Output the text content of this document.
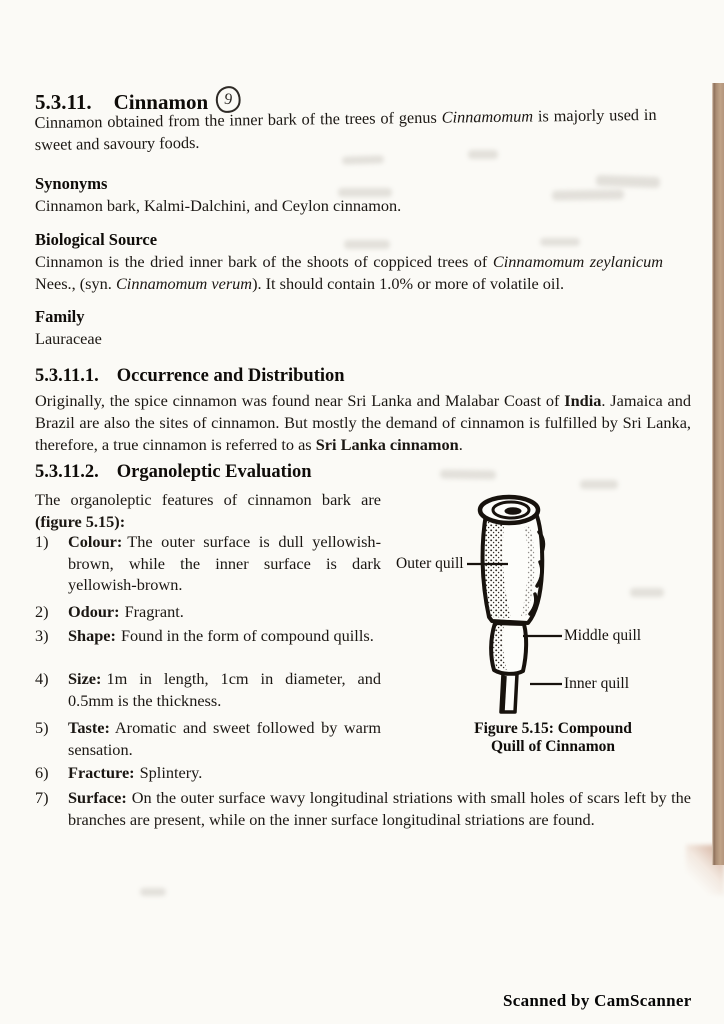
5.3.11. Cinnamon 9
Cinnamon obtained from the inner bark of the trees of genus Cinnamomum is majorly used in sweet and savoury foods.
Synonyms
Cinnamon bark, Kalmi-Dalchini, and Ceylon cinnamon.
Biological Source
Cinnamon is the dried inner bark of the shoots of coppiced trees of Cinnamomum zeylanicum Nees., (syn. Cinnamomum verum). It should contain 1.0% or more of volatile oil.
Family
Lauraceae
5.3.11.1. Occurrence and Distribution
Originally, the spice cinnamon was found near Sri Lanka and Malabar Coast of India. Jamaica and Brazil are also the sites of cinnamon. But mostly the demand of cinnamon is fulfilled by Sri Lanka, therefore, a true cinnamon is referred to as Sri Lanka cinnamon.
5.3.11.2. Organoleptic Evaluation
The organoleptic features of cinnamon bark are (figure 5.15):
1)	Colour: The outer surface is dull yellowish-brown, while the inner surface is dark yellowish-brown.
2)	Odour: Fragrant.
3)	Shape: Found in the form of compound quills.
4)	Size: 1m in length, 1cm in diameter, and 0.5mm is the thickness.
5)	Taste: Aromatic and sweet followed by warm sensation.
6)	Fracture: Splintery.
7)	Surface: On the outer surface wavy longitudinal striations with small holes of scars left by the branches are present, while on the inner surface longitudinal striations are found.
Outer quill
Middle quill
Inner quill
Figure 5.15: Compound
Quill of Cinnamon
Scanned by CamScanner
